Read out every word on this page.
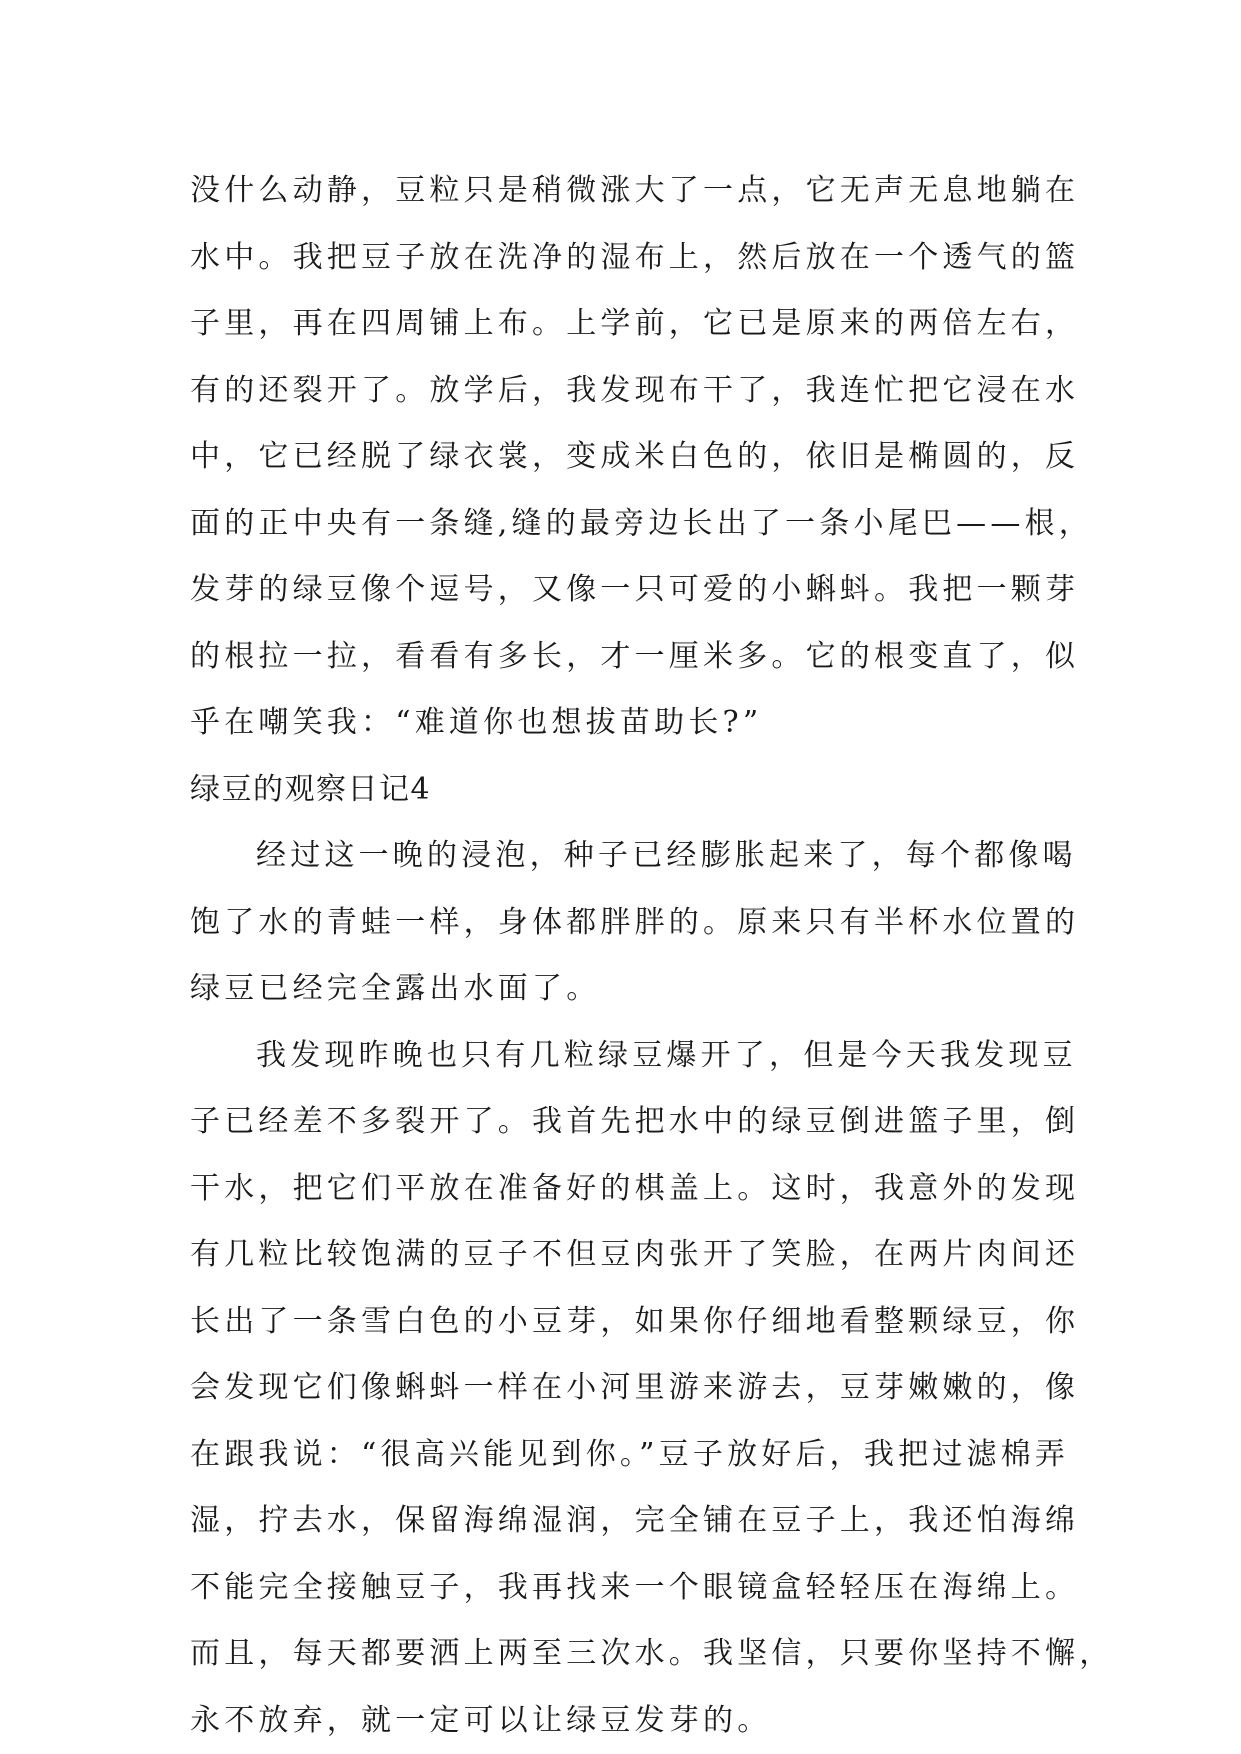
没什么动静，豆粒只是稍微涨大了一点，它无声无息地躺在
水中。我把豆子放在洗净的湿布上，然后放在一个透气的篮
子里，再在四周铺上布。上学前，它已是原来的两倍左右，
有的还裂开了。放学后，我发现布干了，我连忙把它浸在水
中，它已经脱了绿衣裳，变成米白色的，依旧是椭圆的，反
面的正中央有一条缝,缝的最旁边长出了一条小尾巴——根，
发芽的绿豆像个逗号，又像一只可爱的小蝌蚪。我把一颗芽
的根拉一拉，看看有多长，才一厘米多。它的根变直了，似
乎在嘲笑我：“难道你也想拔苗助长?”
绿豆的观察日记4
经过这一晚的浸泡，种子已经膨胀起来了，每个都像喝
饱了水的青蛙一样，身体都胖胖的。原来只有半杯水位置的
绿豆已经完全露出水面了。
我发现昨晚也只有几粒绿豆爆开了，但是今天我发现豆
子已经差不多裂开了。我首先把水中的绿豆倒进篮子里，倒
干水，把它们平放在准备好的棋盖上。这时，我意外的发现
有几粒比较饱满的豆子不但豆肉张开了笑脸，在两片肉间还
长出了一条雪白色的小豆芽，如果你仔细地看整颗绿豆，你
会发现它们像蝌蚪一样在小河里游来游去，豆芽嫩嫩的，像
在跟我说：“很高兴能见到你。”豆子放好后，我把过滤棉弄
湿，拧去水，保留海绵湿润，完全铺在豆子上，我还怕海绵
不能完全接触豆子，我再找来一个眼镜盒轻轻压在海绵上。
而且，每天都要洒上两至三次水。我坚信，只要你坚持不懈，
永不放弃，就一定可以让绿豆发芽的。
